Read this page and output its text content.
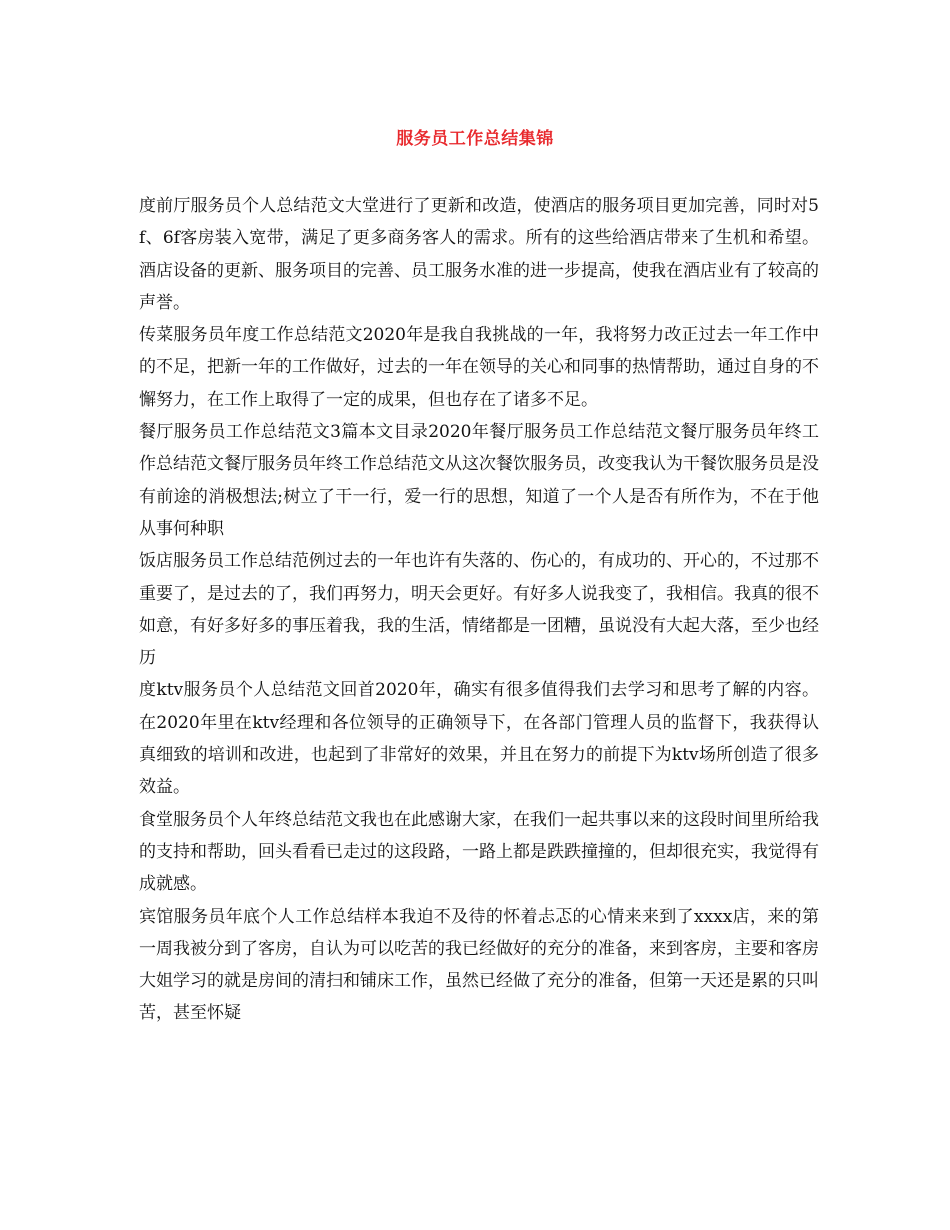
服务员工作总结集锦

度前厅服务员个人总结范文大堂进行了更新和改造，使酒店的服务项目更加完善，同时对5f、6f客房装入宽带，满足了更多商务客人的需求。所有的这些给酒店带来了生机和希望。酒店设备的更新、服务项目的完善、员工服务水准的进一步提高，使我在酒店业有了较高的声誉。

传菜服务员年度工作总结范文2020年是我自我挑战的一年，我将努力改正过去一年工作中的不足，把新一年的工作做好，过去的一年在领导的关心和同事的热情帮助，通过自身的不懈努力，在工作上取得了一定的成果，但也存在了诸多不足。

餐厅服务员工作总结范文3篇本文目录2020年餐厅服务员工作总结范文餐厅服务员年终工作总结范文餐厅服务员年终工作总结范文从这次餐饮服务员，改变我认为干餐饮服务员是没有前途的消极想法;树立了干一行，爱一行的思想，知道了一个人是否有所作为，不在于他从事何种职

饭店服务员工作总结范例过去的一年也许有失落的、伤心的，有成功的、开心的，不过那不重要了，是过去的了，我们再努力，明天会更好。有好多人说我变了，我相信。我真的很不如意，有好多好多的事压着我，我的生活，情绪都是一团糟，虽说没有大起大落，至少也经历

度ktv服务员个人总结范文回首2020年，确实有很多值得我们去学习和思考了解的内容。在2020年里在ktv经理和各位领导的正确领导下，在各部门管理人员的监督下，我获得认真细致的培训和改进，也起到了非常好的效果，并且在努力的前提下为ktv场所创造了很多效益。

食堂服务员个人年终总结范文我也在此感谢大家，在我们一起共事以来的这段时间里所给我的支持和帮助，回头看看已走过的这段路，一路上都是跌跌撞撞的，但却很充实，我觉得有成就感。

宾馆服务员年底个人工作总结样本我迫不及待的怀着忐忑的心情来来到了xxxx店，来的第一周我被分到了客房，自认为可以吃苦的我已经做好的充分的准备，来到客房，主要和客房大姐学习的就是房间的清扫和铺床工作，虽然已经做了充分的准备，但第一天还是累的只叫苦，甚至怀疑
